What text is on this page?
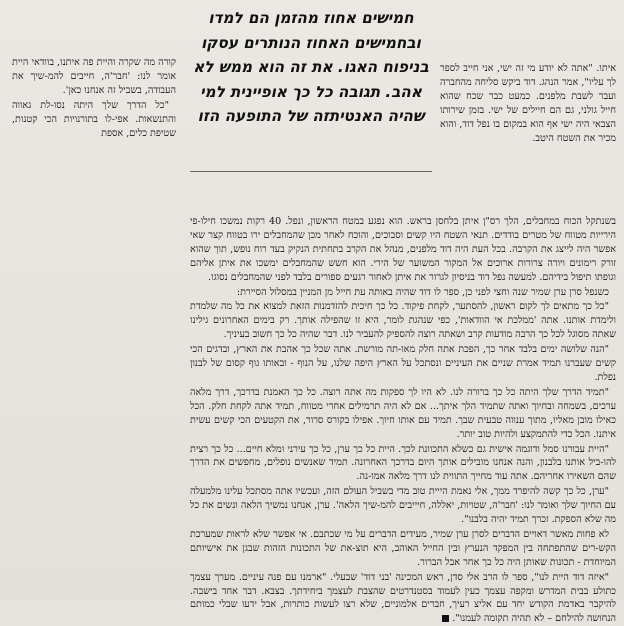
חמישים אחוז מהזמן הם למדו ובחמישים האחוז הנותרים עסקו בניפוח האגו. את זה הוא ממש לא אהב. תגובה כל כך אופיינית למי שהיה האנטיתזה של התופעה הזו

איתו. "אתה לא יודע מי זה ישי, אני חייב לספר לך עליו", אמר הנהג. דוד ביקש סליחה מהחברה ועבר לשבת מלפנים. כמעט כבר שכח שהוא חייל גולני, גם הם חיילים של ישי. בזמן שירותו הצבאי היה ישי אף הוא במקום בו נפל דוד, והוא מכיר את השטח היטב.

בשנתקל הכוח במחבלים, הלך רס"ן איתן בלחסן בראש. הוא נפגע במטח הראשון, ונפל. 40 רקות נמשכו חילו-פי הירייות מטווח של מטרים בודדים. תנאי השטח היו קשים וסבוכים, והוכח לאחר מכן שהמחבלים ירו בטווח קצר שאי אפשר היה לייצג את הקרבה. בכל העת היה דוד מלפנים, מנהל את הקרב בתחתית הנקיק בעד רוח נופש, תוך שהוא זורק רימונים ויורה צרורות ארוכים אל המקור המשוער של הירי. הוא חשש שהמחבלים ימשכו את איתן אליהם וגופתו תיפול בידיהם. למעשה נפל דוד בניסיון לגרור את איתן לאחור רגעים ספורים בלבד לפני שהמחבלים נסוגו.

כשנפל סרן ערן שמיר שנה וחצי לפני כן, ספר לו דוד שהיה באותה עת חייל מן המניין במסלול הסיירת:

"כל כך מתאים לך לקום ראשון, להסתער, לקחת פיקוד. כל כך חיכית להזדמנות הזאת למצוא את כל מה שלמדת ולימדת אותנו. אתה 'ממלכת אי הוודאות', כפי שנהגת לומר, היא זו שהפילה אותך. רק בימים האחרונים גילינו שאתה מסוגל לכל כך הרבה מודעות קרב ושאתה רוצה להספיק להעביר לנו. דבר שהיה כל כך חשוב בעיניך.

"הנה שלושה ימים בלבד אחר כך, הפכת אתה חלק מאו-תה מורשת. אתה שכל כך אהבת את הארץ, ובדגים הכי קשים שעברנו תמיד אמרת שניים את העיניים ונסתכל על הארץ היפה שלנו, על הנוף - ובאותו גוף קסום של לבנון נפלת.

"תמיד הדרך שלך היתה כל כך ברורה לנו. לא היו לך ספקות מה אתה רוצה. כל כך האמנת בדרכך, דרך מלאה ערכים, בשמחה ובחיוך ואתה שתמיד הלך איתך... אם לא היה תרמילים אחרי מטווח, תמיד אתה לקחת חלק. הכל כאילו מובן מאליו, מתוך ענווה טבעית שבך. תמיד עם אותו חיוך. אפילו בקורס סרור, את הקטעים הכי קשים עשית איתנו. הכל כדי להתמקצע ולהיות טוב יותר.

"היית עבורנו סמל ודוגמה אישית גם כשלא התכוונת לכך. היית כל כך ערן, כל כך עירני ומלא חיים... כל כך רצית להו-ביל אותנו בלבנון, והנה אנחנו מובילים אותך היום בדרכך האחרונה. תמיד שאנשים נופלים, מחפשים את הדרך שהם השאירו אחריהם. אתה עוד מחייך התווית לנו דרך מלאה אמו-נה.

"ערן, כל כך קשה להיפרד ממך, אלי נאמת הייית טוב מדי בשביל העולם הזה, ועכשיו אתה מסתכל עלינו מלמעלה עם החיוך שלך ואומר לנו: 'חבר'ה, שטויות, יאללה, חיייבים להמ-שיך הלאה'. ערן, אנחנו נמשיך הלאה ונשים את כל מה שלא הספקת. זכרך תמיד יהיה בלבנו".

לא פחות מאשר דאויים הדברים לסרן ערן שמיר, מעידים הדברים על מי שכתבם. אי אפשר שלא לראות שמערכת הקש-רים שהתפתחה בין המפקד הנערץ ובין החייל האוהב, היא תוצ-את של התכונות הזהות שבגן את אישיותם המיוחדת - תכונות שאותן היה כל כך אחר אבל הברור.

"איזה דוד היית לנו", ספר לו הרב אלי סדן, ראש המכינה 'בני דוד' שבעלי. "ארמנו עם פנה עיניים. מערך עצמך כתולע בבית המדרש ומקפה עצמך כעין לעמוד בסטנדרטים שהצבת לעצמך ביחידתך. בצבא. דבר אחד בישבה. להיקבר באדמת הקודש יחד עם אליצ רעיך, חברים אלמוניים, שלא רצו לעשות כותרות, אבל ידעו שבלי כמותם הנחושה להילחם – לא תהיה תקומה לעמנו".

קורה מה שקרה והיית פה איתנו, בוודאי היית אומר לנו: 'חבר'ה, חייבים להמ-שיך את העבודה, בשביל זה אנחנו כאן'.

"כל הדרך שלך היתה נסו-לת גאווה והתנשאות. אפי-לו בתורנויות הכי קטנות, שטיפת כלים, אספת
